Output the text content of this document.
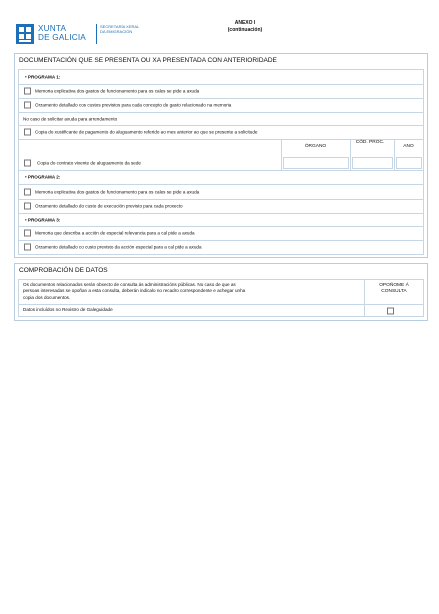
XUNTA
DE GALICIA
SECRETARÍA XERAL DA EMIGRACIÓN
ANEXO I
(continuación)
DOCUMENTACIÓN QUE SE PRESENTA OU XA PRESENTADA CON ANTERIORIDADE
• PROGRAMA 1:
Memoria explicativa dos gastos de funcionamento para os cales se pide a axuda
Orzamento detallado cos custos previstos para cada concepto de gasto relacionado na memoria
No caso de solicitar axuda para arrendamento
Copia do xustificante de pagamento do aluguamento referido ao mes anterior ao que se presente a solicitude
ÓRGANO
CÓD. PROC.
ANO
Copia do contrato vixente de aluguamento da sede
• PROGRAMA 2:
Memoria explicativa dos gastos de funcionamento para os cales se pide a axuda
Orzamento detallado do custo de execución previsto para cada proxecto
• PROGRAMA 3:
Memoria que describa a acción de especial relevancia para a cal pide a axuda
Orzamento detallado co custo previsto da acción especial para a cal pide a axuda
COMPROBACIÓN DE DATOS
Os documentos relacionados serán obxecto de consulta ás administracións públicas. No caso de que as
persoas interesadas se opoñan a esta consulta, deberán indicalo no recadro correspondente e achegar unha
copia dos documentos.
OPOÑOME Á CONSULTA
Datos incluídos no Rexistro de Galeguidade
